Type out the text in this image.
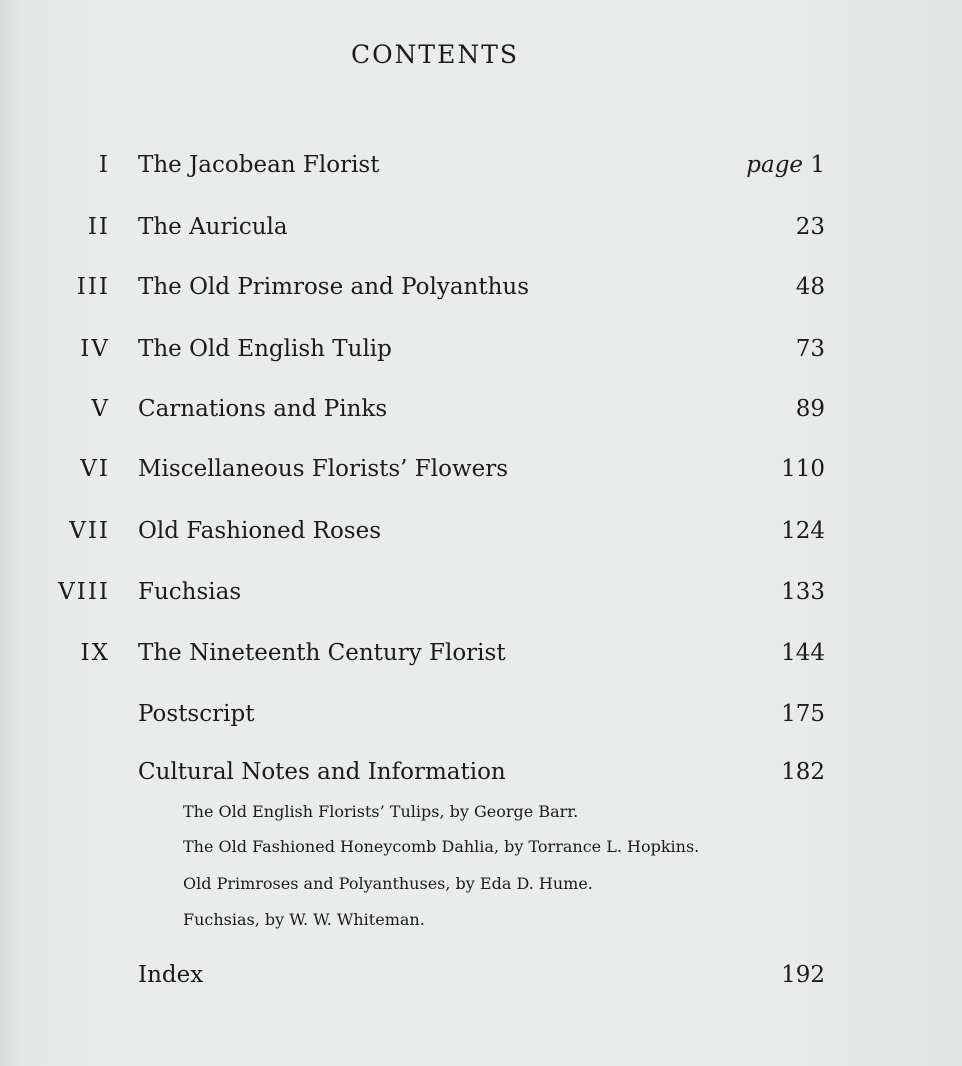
CONTENTS
I The Jacobean Florist	page 1
II The Auricula	23
III The Old Primrose and Polyanthus	48
IV The Old English Tulip	73
V Carnations and Pinks	89
VI Miscellaneous Florists’ Flowers	110
VII Old Fashioned Roses	124
VIII Fuchsias	133
IX The Nineteenth Century Florist	144
Postscript	175
Cultural Notes and Information	182
The Old English Florists’ Tulips, by George Barr.
The Old Fashioned Honeycomb Dahlia, by Torrance L. Hopkins.
Old Primroses and Polyanthuses, by Eda D. Hume.
Fuchsias, by W. W. Whiteman.
Index	192
